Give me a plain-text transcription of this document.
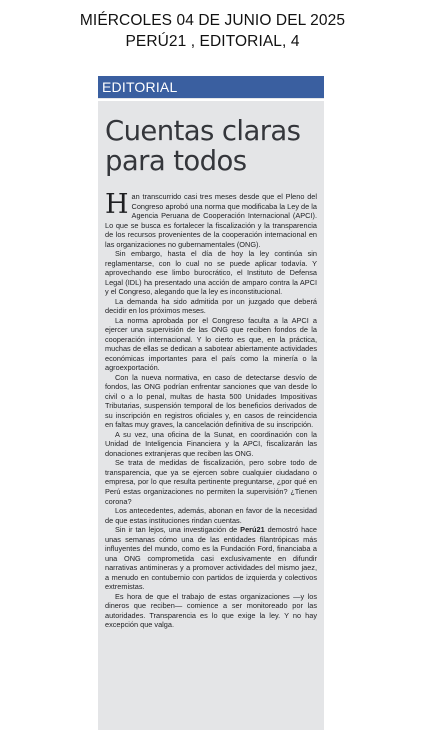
MIÉRCOLES 04 DE JUNIO DEL 2025
PERÚ21 , EDITORIAL, 4
EDITORIAL
Cuentas claras
para todos

Han transcurrido casi tres meses desde que el Pleno del Congreso aprobó una norma que modificaba la Ley de la Agencia Peruana de Cooperación Internacional (APCI). Lo que se busca es fortalecer la fiscalización y la transparencia de los recursos provenientes de la cooperación internacional en las organizaciones no gubernamentales (ONG).

Sin embargo, hasta el día de hoy la ley continúa sin reglamentarse, con lo cual no se puede aplicar todavía. Y aprovechando ese limbo burocrático, el Instituto de Defensa Legal (IDL) ha presentado una acción de amparo contra la APCI y el Congreso, alegando que la ley es inconstitucional.

La demanda ha sido admitida por un juzgado que deberá decidir en los próximos meses.

La norma aprobada por el Congreso faculta a la APCI a ejercer una supervisión de las ONG que reciben fondos de la cooperación internacional. Y lo cierto es que, en la práctica, muchas de ellas se dedican a sabotear abiertamente actividades económicas importantes para el país como la minería o la agroexportación.

Con la nueva normativa, en caso de detectarse desvío de fondos, las ONG podrían enfrentar sanciones que van desde lo civil o a lo penal, multas de hasta 500 Unidades Impositivas Tributarias, suspensión temporal de los beneficios derivados de su inscripción en registros oficiales y, en casos de reincidencia en faltas muy graves, la cancelación definitiva de su inscripción.

A su vez, una oficina de la Sunat, en coordinación con la Unidad de Inteligencia Financiera y la APCI, fiscalizarán las donaciones extranjeras que reciben las ONG.

Se trata de medidas de fiscalización, pero sobre todo de transparencia, que ya se ejercen sobre cualquier ciudadano o empresa, por lo que resulta pertinente preguntarse, ¿por qué en Perú estas organizaciones no permiten la supervisión? ¿Tienen corona?

Los antecedentes, además, abonan en favor de la necesidad de que estas instituciones rindan cuentas.

Sin ir tan lejos, una investigación de Perú21 demostró hace unas semanas cómo una de las entidades filantrópicas más influyentes del mundo, como es la Fundación Ford, financiaba a una ONG comprometida casi exclusivamente en difundir narrativas antimineras y a promover actividades del mismo jaez, a menudo en contubernio con partidos de izquierda y colectivos extremistas.

Es hora de que el trabajo de estas organizaciones —y los dineros que reciben— comience a ser monitoreado por las autoridades. Transparencia es lo que exige la ley. Y no hay excepción que valga.
